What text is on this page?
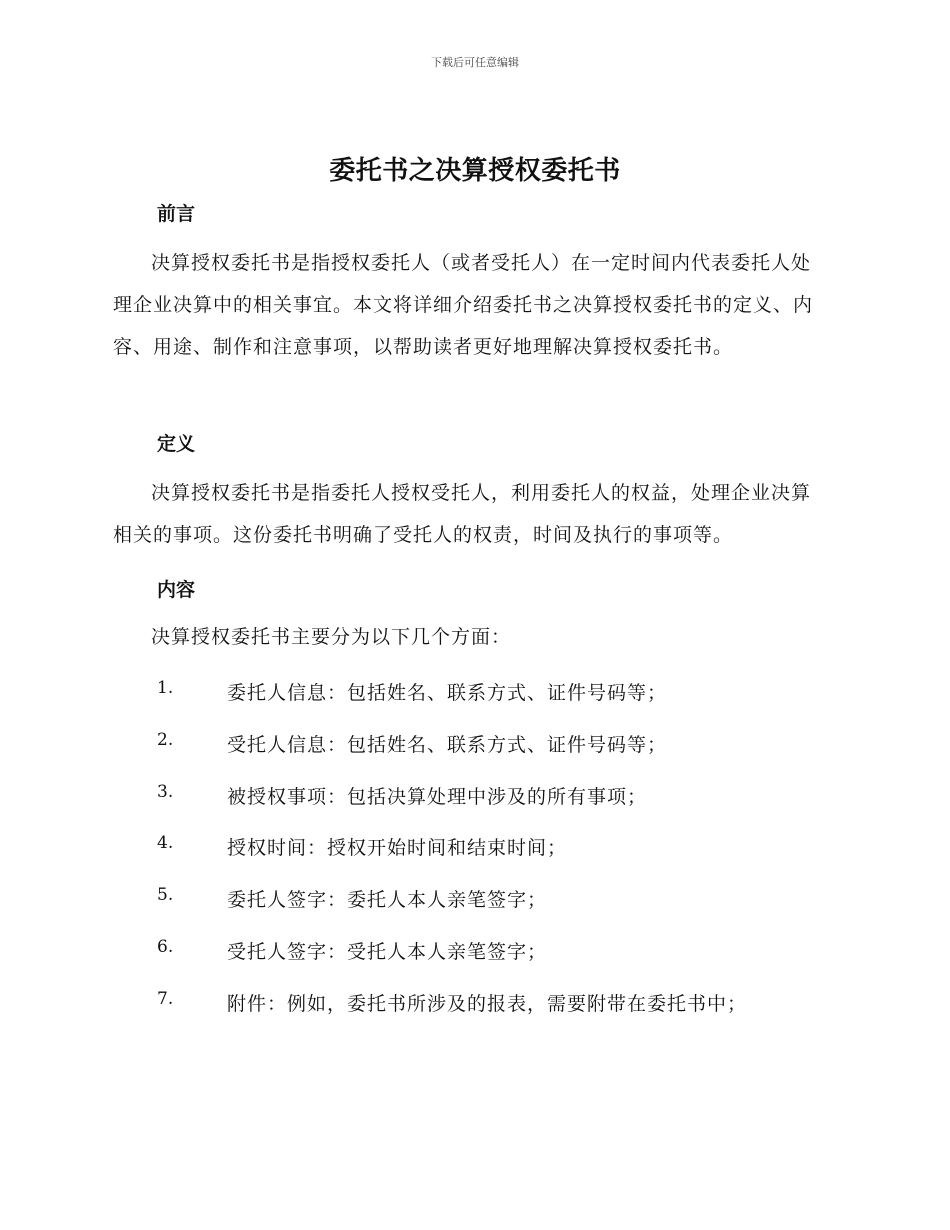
下载后可任意编辑
委托书之决算授权委托书
前言

决算授权委托书是指授权委托人（或者受托人）在一定时间内代表委托人处理企业决算中的相关事宜。本文将详细介绍委托书之决算授权委托书的定义、内容、用途、制作和注意事项，以帮助读者更好地理解决算授权委托书。

定义

决算授权委托书是指委托人授权受托人，利用委托人的权益，处理企业决算相关的事项。这份委托书明确了受托人的权责，时间及执行的事项等。

内容

决算授权委托书主要分为以下几个方面：

1.	委托人信息：包括姓名、联系方式、证件号码等；
2.	受托人信息：包括姓名、联系方式、证件号码等；
3.	被授权事项：包括决算处理中涉及的所有事项；
4.	授权时间：授权开始时间和结束时间；
5.	委托人签字：委托人本人亲笔签字；
6.	受托人签字：受托人本人亲笔签字；
7.	附件：例如，委托书所涉及的报表，需要附带在委托书中；
